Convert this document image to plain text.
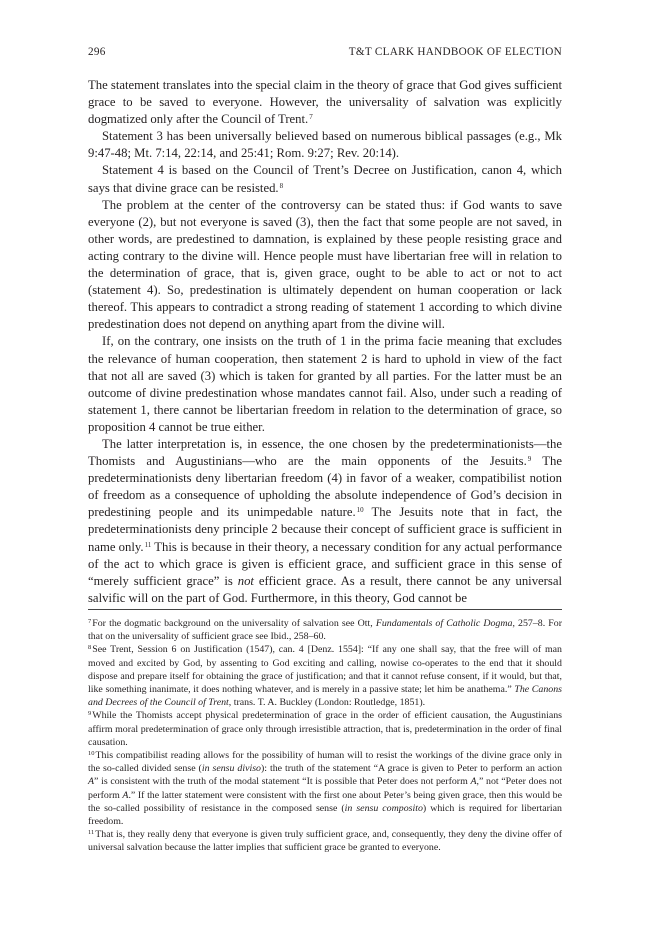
296	T&T CLARK HANDBOOK OF ELECTION

The statement translates into the special claim in the theory of grace that God gives sufficient grace to be saved to everyone. However, the universality of salvation was explicitly dogmatized only after the Council of Trent.$^7$

Statement 3 has been universally believed based on numerous biblical passages (e.g., Mk 9:47-48; Mt. 7:14, 22:14, and 25:41; Rom. 9:27; Rev. 20:14).

Statement 4 is based on the Council of Trent’s Decree on Justification, canon 4, which says that divine grace can be resisted.$^8$

The problem at the center of the controversy can be stated thus: if God wants to save everyone (2), but not everyone is saved (3), then the fact that some people are not saved, in other words, are predestined to damnation, is explained by these people resisting grace and acting contrary to the divine will. Hence people must have libertarian free will in relation to the determination of grace, that is, given grace, ought to be able to act or not to act (statement 4). So, predestination is ultimately dependent on human cooperation or lack thereof. This appears to contradict a strong reading of statement 1 according to which divine predestination does not depend on anything apart from the divine will.

If, on the contrary, one insists on the truth of 1 in the prima facie meaning that excludes the relevance of human cooperation, then statement 2 is hard to uphold in view of the fact that not all are saved (3) which is taken for granted by all parties. For the latter must be an outcome of divine predestination whose mandates cannot fail. Also, under such a reading of statement 1, there cannot be libertarian freedom in relation to the determination of grace, so proposition 4 cannot be true either.

The latter interpretation is, in essence, the one chosen by the predeterminationists—the Thomists and Augustinians—who are the main opponents of the Jesuits.$^9$ The predeterminationists deny libertarian freedom (4) in favor of a weaker, compatibilist notion of freedom as a consequence of upholding the absolute independence of God’s decision in predestining people and its unimpedable nature.$^{10}$ The Jesuits note that in fact, the predeterminationists deny principle 2 because their concept of sufficient grace is sufficient in name only.$^{11}$ This is because in their theory, a necessary condition for any actual performance of the act to which grace is given is efficient grace, and sufficient grace in this sense of “merely sufficient grace” is not efficient grace. As a result, there cannot be any universal salvific will on the part of God. Furthermore, in this theory, God cannot be

$^7$For the dogmatic background on the universality of salvation see Ott, Fundamentals of Catholic Dogma, 257–8. For that on the universality of sufficient grace see Ibid., 258–60.

$^8$See Trent, Session 6 on Justification (1547), can. 4 [Denz. 1554]: “If any one shall say, that the free will of man moved and excited by God, by assenting to God exciting and calling, nowise co-operates to the end that it should dispose and prepare itself for obtaining the grace of justification; and that it cannot refuse consent, if it would, but that, like something inanimate, it does nothing whatever, and is merely in a passive state; let him be anathema.” The Canons and Decrees of the Council of Trent, trans. T. A. Buckley (London: Routledge, 1851).

$^9$While the Thomists accept physical predetermination of grace in the order of efficient causation, the Augustinians affirm moral predetermination of grace only through irresistible attraction, that is, predetermination in the order of final causation.

$^{10}$This compatibilist reading allows for the possibility of human will to resist the workings of the divine grace only in the so-called divided sense (in sensu diviso): the truth of the statement “A grace is given to Peter to perform an action A” is consistent with the truth of the modal statement “It is possible that Peter does not perform A,” not “Peter does not perform A.” If the latter statement were consistent with the first one about Peter’s being given grace, then this would be the so-called possibility of resistance in the composed sense (in sensu composito) which is required for libertarian freedom.

$^{11}$That is, they really deny that everyone is given truly sufficient grace, and, consequently, they deny the divine offer of universal salvation because the latter implies that sufficient grace be granted to everyone.
